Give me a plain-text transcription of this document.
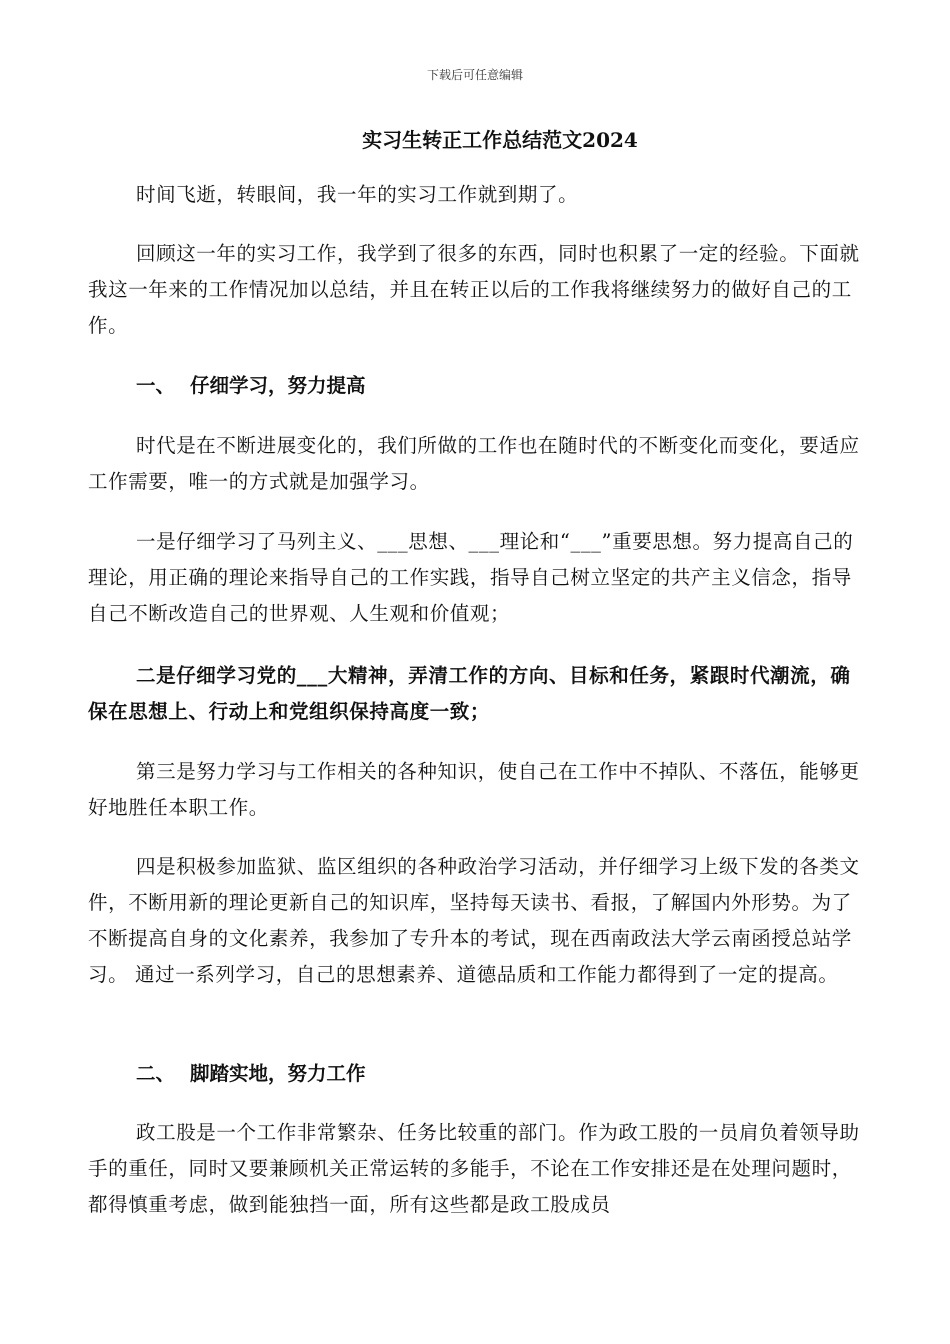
下载后可任意编辑
实习生转正工作总结范文2024

时间飞逝，转眼间，我一年的实习工作就到期了。

回顾这一年的实习工作，我学到了很多的东西，同时也积累了一定的经验。下面就我这一年来的工作情况加以总结，并且在转正以后的工作我将继续努力的做好自己的工作。

一、 仔细学习，努力提高

时代是在不断进展变化的，我们所做的工作也在随时代的不断变化而变化，要适应工作需要，唯一的方式就是加强学习。

一是仔细学习了马列主义、___思想、___理论和“___”重要思想。努力提高自己的理论，用正确的理论来指导自己的工作实践，指导自己树立坚定的共产主义信念，指导自己不断改造自己的世界观、人生观和价值观；

二是仔细学习党的___大精神，弄清工作的方向、目标和任务，紧跟时代潮流，确保在思想上、行动上和党组织保持高度一致；

第三是努力学习与工作相关的各种知识，使自己在工作中不掉队、不落伍，能够更好地胜任本职工作。

四是积极参加监狱、监区组织的各种政治学习活动，并仔细学习上级下发的各类文件，不断用新的理论更新自己的知识库，坚持每天读书、看报，了解国内外形势。为了不断提高自身的文化素养，我参加了专升本的考试，现在西南政法大学云南函授总站学习。 通过一系列学习，自己的思想素养、道德品质和工作能力都得到了一定的提高。

二、 脚踏实地，努力工作

政工股是一个工作非常繁杂、任务比较重的部门。作为政工股的一员肩负着领导助手的重任，同时又要兼顾机关正常运转的多能手，不论在工作安排还是在处理问题时，都得慎重考虑，做到能独挡一面，所有这些都是政工股成员
